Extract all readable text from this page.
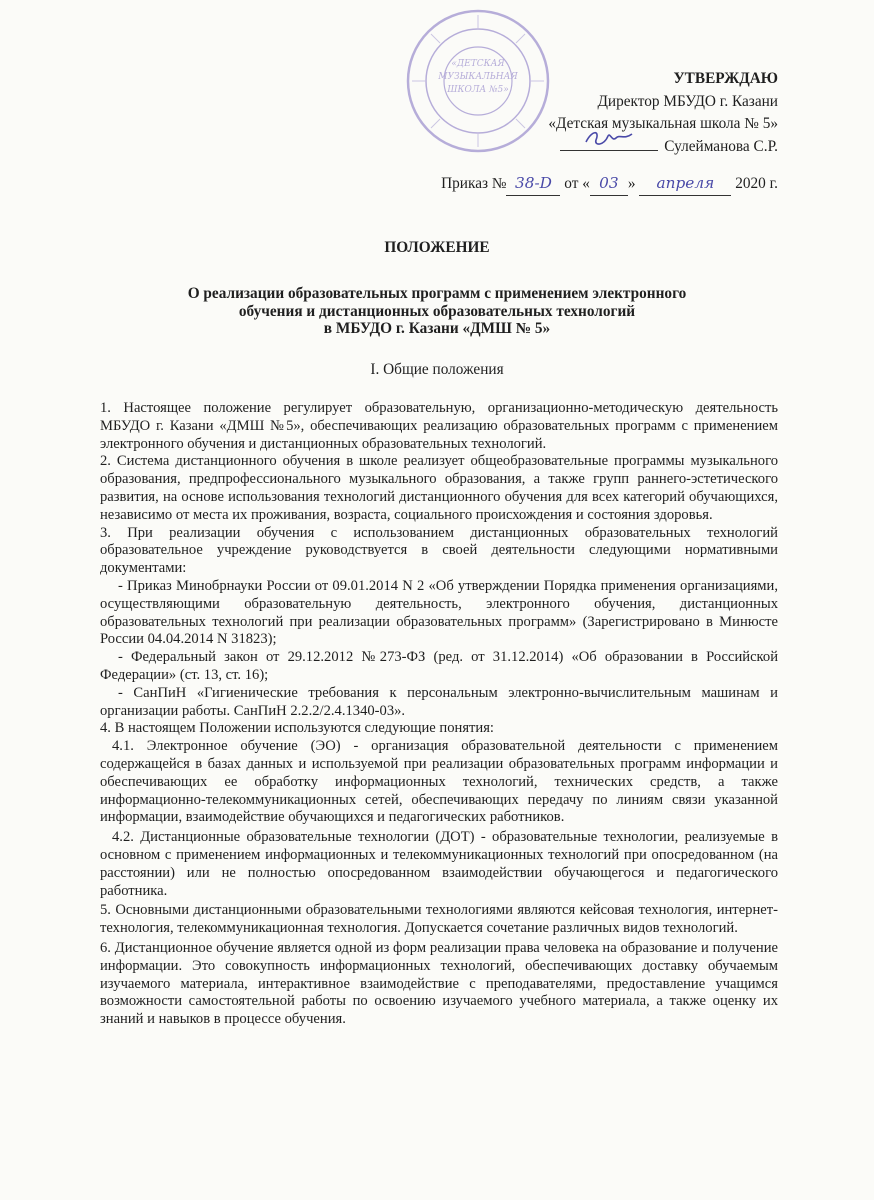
«ДЕТСКАЯ
МУЗЫКАЛЬНАЯ
ШКОЛА №5»
УТВЕРЖДАЮ
Директор МБУДО г. Казани
«Детская музыкальная школа № 5»
Сулейманова С.Р.
Приказ № 38-D от « 03 » апреля 2020 г.
ПОЛОЖЕНИЕ
О реализации образовательных программ с применением электронного
обучения и дистанционных образовательных технологий
в МБУДО г. Казани «ДМШ № 5»
I. Общие положения

1. Настоящее положение регулирует образовательную, организационно-методическую деятельность МБУДО г. Казани «ДМШ №5», обеспечивающих реализацию образовательных программ с применением электронного обучения и дистанционных образовательных технологий.

2. Система дистанционного обучения в школе реализует общеобразовательные программы музыкального образования, предпрофессионального музыкального образования, а также групп раннего-эстетического развития, на основе использования технологий дистанционного обучения для всех категорий обучающихся, независимо от места их проживания, возраста, социального происхождения и состояния здоровья.

3. При реализации обучения с использованием дистанционных образовательных технологий образовательное учреждение руководствуется в своей деятельности следующими нормативными документами:

- Приказ Минобрнауки России от 09.01.2014 N 2 «Об утверждении Порядка применения организациями, осуществляющими образовательную деятельность, электронного обучения, дистанционных образовательных технологий при реализации образовательных программ» (Зарегистрировано в Минюсте России 04.04.2014 N 31823);

- Федеральный закон от 29.12.2012 №273-ФЗ (ред. от 31.12.2014) «Об образовании в Российской Федерации» (ст. 13, ст. 16);

- СанПиН «Гигиенические требования к персональным электронно-вычислительным машинам и организации работы. СанПиН 2.2.2/2.4.1340-03».

4. В настоящем Положении используются следующие понятия:

4.1. Электронное обучение (ЭО) - организация образовательной деятельности с применением содержащейся в базах данных и используемой при реализации образовательных программ информации и обеспечивающих ее обработку информационных технологий, технических средств, а также информационно-телекоммуникационных сетей, обеспечивающих передачу по линиям связи указанной информации, взаимодействие обучающихся и педагогических работников.

4.2. Дистанционные образовательные технологии (ДОТ) - образовательные технологии, реализуемые в основном с применением информационных и телекоммуникационных технологий при опосредованном (на расстоянии) или не полностью опосредованном взаимодействии обучающегося и педагогического работника.

5. Основными дистанционными образовательными технологиями являются кейсовая технология, интернет-технология, телекоммуникационная технология. Допускается сочетание различных видов технологий.

6. Дистанционное обучение является одной из форм реализации права человека на образование и получение информации. Это совокупность информационных технологий, обеспечивающих доставку обучаемым изучаемого материала, интерактивное взаимодействие с преподавателями, предоставление учащимся возможности самостоятельной работы по освоению изучаемого учебного материала, а также оценку их знаний и навыков в процессе обучения.
